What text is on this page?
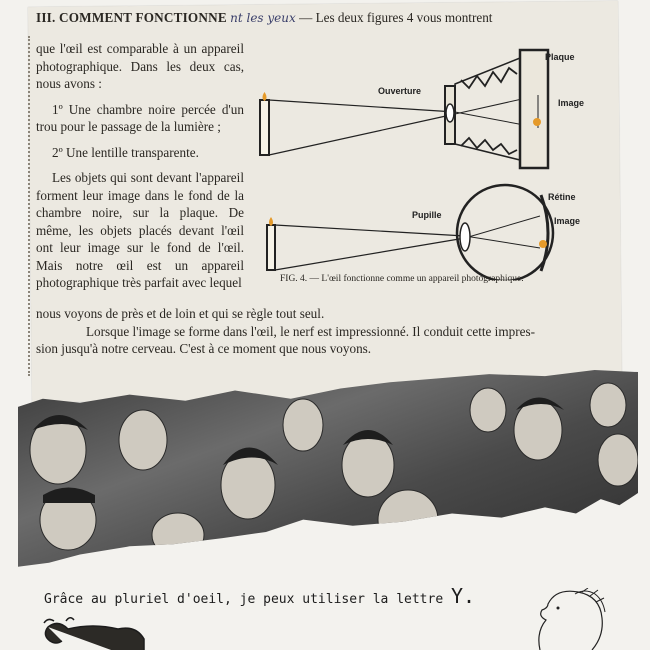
III. COMMENT FONCTIONNE nt les yeux — Les deux figures 4 vous montrent

que l'œil est comparable à un appareil photographique. Dans les deux cas, nous avons :

1º Une chambre noire percée d'un trou pour le passage de la lumière ;

2º Une lentille transparente.

Les objets qui sont devant l'appareil forment leur image dans le fond de la chambre noire, sur la plaque. De même, les objets placés devant l'œil ont leur image sur le fond de l'œil. Mais notre œil est un appareil photographique très parfait avec lequel

Plaque
Ouverture
Image
Rétine
Pupille
Image
FIG. 4. — L'œil fonctionne comme un appareil photographique.

nous voyons de près et de loin et qui se règle tout seul.

Lorsque l'image se forme dans l'œil, le nerf est impressionné. Il conduit cette impres-

sion jusqu'à notre cerveau. C'est à ce moment que nous voyons.

Grâce au pluriel d'oeil, je peux utiliser la lettre Y.
